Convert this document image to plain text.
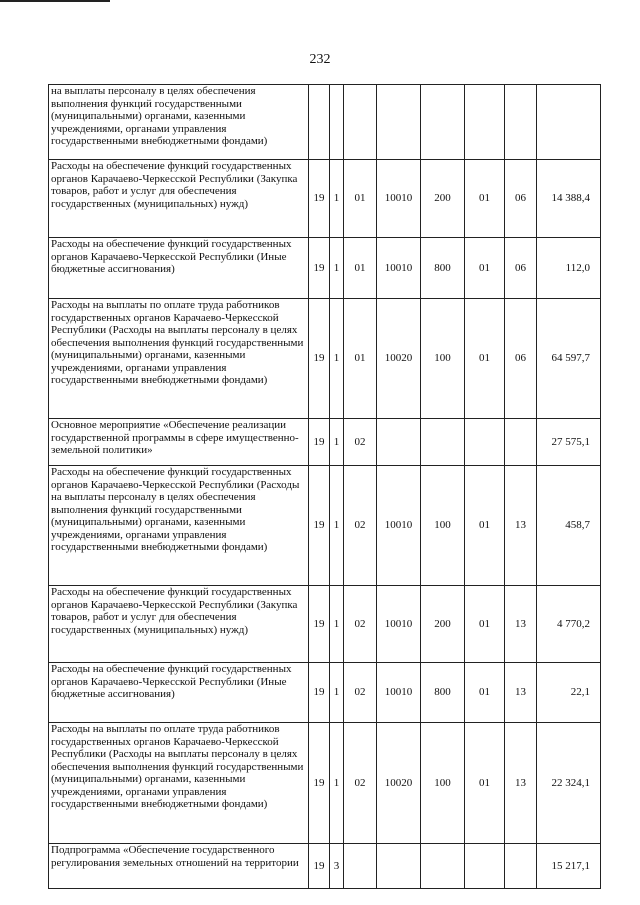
232
на выплаты персоналу в целях обеспечения выполнения функций государственными (муниципальными) органами, казенными учреждениями, органами управления государственными внебюджетными фондами)								
Расходы на обеспечение функций государственных органов Карачаево-Черкесской Республики (Закупка товаров, работ и услуг для обеспечения государственных (муниципальных) нужд)	19	1	01	10010	200	01	06	14 388,4
Расходы на обеспечение функций государственных органов Карачаево-Черкесской Республики (Иные бюджетные ассигнования)	19	1	01	10010	800	01	06	112,0
Расходы на выплаты по оплате труда работников государственных органов Карачаево-Черкесской Республики (Расходы на выплаты персоналу в целях обеспечения выполнения функций государственными (муниципальными) органами, казенными учреждениями, органами управления государственными внебюджетными фондами)	19	1	01	10020	100	01	06	64 597,7
Основное мероприятие «Обеспечение реализации государственной программы в сфере имущественно-земельной политики»	19	1	02					27 575,1
Расходы на обеспечение функций государственных органов Карачаево-Черкесской Республики (Расходы на выплаты персоналу в целях обеспечения выполнения функций государственными (муниципальными) органами, казенными учреждениями, органами управления государственными внебюджетными фондами)	19	1	02	10010	100	01	13	458,7
Расходы на обеспечение функций государственных органов Карачаево-Черкесской Республики (Закупка товаров, работ и услуг для обеспечения государственных (муниципальных) нужд)	19	1	02	10010	200	01	13	4 770,2
Расходы на обеспечение функций государственных органов Карачаево-Черкесской Республики (Иные бюджетные ассигнования)	19	1	02	10010	800	01	13	22,1
Расходы на выплаты по оплате труда работников государственных органов Карачаево-Черкесской Республики (Расходы на выплаты персоналу в целях обеспечения выполнения функций государственными (муниципальными) органами, казенными учреждениями, органами управления государственными внебюджетными фондами)	19	1	02	10020	100	01	13	22 324,1
Подпрограмма «Обеспечение государственного регулирования земельных отношений на территории	19	3						15 217,1
